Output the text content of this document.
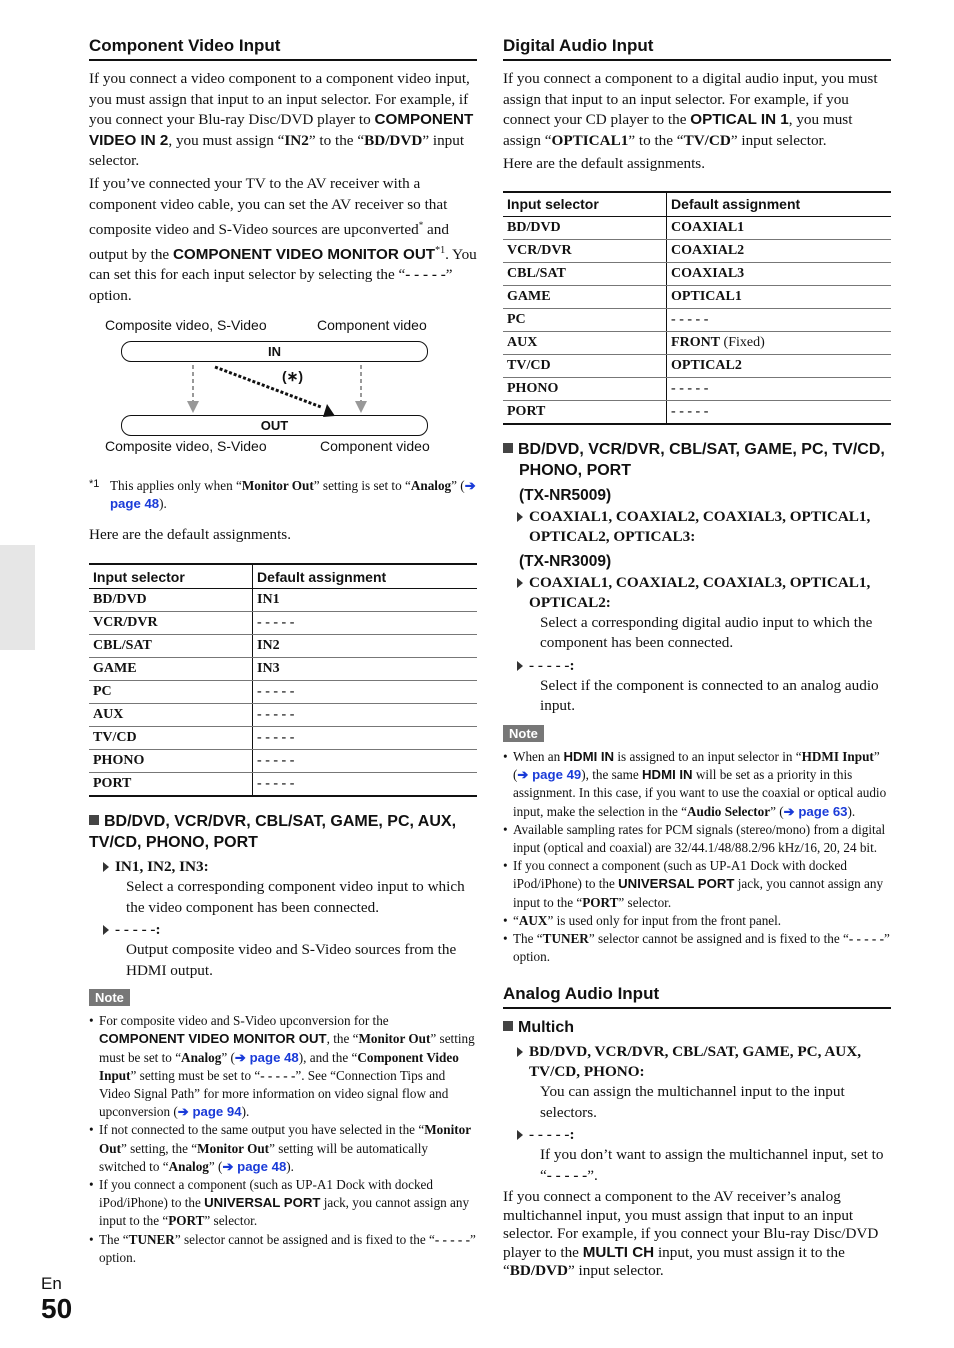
Component Video Input

If you connect a video component to a component video input, you must assign that input to an input selector. For example, if you connect your Blu-ray Disc/DVD player to COMPONENT VIDEO IN 2, you must assign “IN2” to the “BD/DVD” input selector.

If you’ve connected your TV to the AV receiver with a component video cable, you can set the AV receiver so that composite video and S-Video sources are upconverted* and output by the COMPONENT VIDEO MONITOR OUT$^{*1}$. You can set this for each input selector by selecting the “- - - - -” option.

Composite video, S-Video	Component video
IN
(∗)
OUT
Composite video, S-Video	Component video
*1 This applies only when “Monitor Out” setting is set to “Analog” (➔ page 48).

Here are the default assignments.

Input selector	Default assignment
BD/DVD	IN1
VCR/DVR	- - - - -
CBL/SAT	IN2
GAME	IN3
PC	- - - - -
AUX	- - - - -
TV/CD	- - - - -
PHONO	- - - - -
PORT	- - - - -
BD/DVD, VCR/DVR, CBL/SAT, GAME, PC, AUX, TV/CD, PHONO, PORT
IN1, IN2, IN3:
Select a corresponding component video input to which the video component has been connected.
- - - - -:
Output composite video and S-Video sources from the HDMI output.
Note
• For composite video and S-Video upconversion for the COMPONENT VIDEO MONITOR OUT, the “Monitor Out” setting must be set to “Analog” (➔ page 48), and the “Component Video Input” setting must be set to “- - - - -”. See “Connection Tips and Video Signal Path” for more information on video signal flow and upconversion (➔ page 94).
• If not connected to the same output you have selected in the “Monitor Out” setting, the “Monitor Out” setting will be automatically switched to “Analog” (➔ page 48).
• If you connect a component (such as UP-A1 Dock with docked iPod/iPhone) to the UNIVERSAL PORT jack, you cannot assign any input to the “PORT” selector.
• The “TUNER” selector cannot be assigned and is fixed to the “- - - - -” option.
Digital Audio Input

If you connect a component to a digital audio input, you must assign that input to an input selector. For example, if you connect your CD player to the OPTICAL IN 1, you must assign “OPTICAL1” to the “TV/CD” input selector.

Here are the default assignments.

Input selector	Default assignment
BD/DVD	COAXIAL1
VCR/DVR	COAXIAL2
CBL/SAT	COAXIAL3
GAME	OPTICAL1
PC	- - - - -
AUX	FRONT (Fixed)
TV/CD	OPTICAL2
PHONO	- - - - -
PORT	- - - - -
BD/DVD, VCR/DVR, CBL/SAT, GAME, PC, TV/CD, PHONO, PORT
(TX-NR5009)
COAXIAL1, COAXIAL2, COAXIAL3, OPTICAL1, OPTICAL2, OPTICAL3:
(TX-NR3009)
COAXIAL1, COAXIAL2, COAXIAL3, OPTICAL1, OPTICAL2:
Select a corresponding digital audio input to which the component has been connected.
- - - - -:
Select if the component is connected to an analog audio input.
Note
• When an HDMI IN is assigned to an input selector in “HDMI Input” (➔ page 49), the same HDMI IN will be set as a priority in this assignment. In this case, if you want to use the coaxial or optical audio input, make the selection in the “Audio Selector” (➔ page 63).
• Available sampling rates for PCM signals (stereo/mono) from a digital input (optical and coaxial) are 32/44.1/48/88.2/96 kHz/16, 20, 24 bit.
• If you connect a component (such as UP-A1 Dock with docked iPod/iPhone) to the UNIVERSAL PORT jack, you cannot assign any input to the “PORT” selector.
• “AUX” is used only for input from the front panel.
• The “TUNER” selector cannot be assigned and is fixed to the “- - - - -” option.
Analog Audio Input
Multich
BD/DVD, VCR/DVR, CBL/SAT, GAME, PC, AUX, TV/CD, PHONO:
You can assign the multichannel input to the input selectors.
- - - - -:
If you don’t want to assign the multichannel input, set to “- - - - -”.

If you connect a component to the AV receiver’s analog multichannel input, you must assign that input to an input selector. For example, if you connect your Blu-ray Disc/DVD player to the MULTI CH input, you must assign it to the “BD/DVD” input selector.

En
50
